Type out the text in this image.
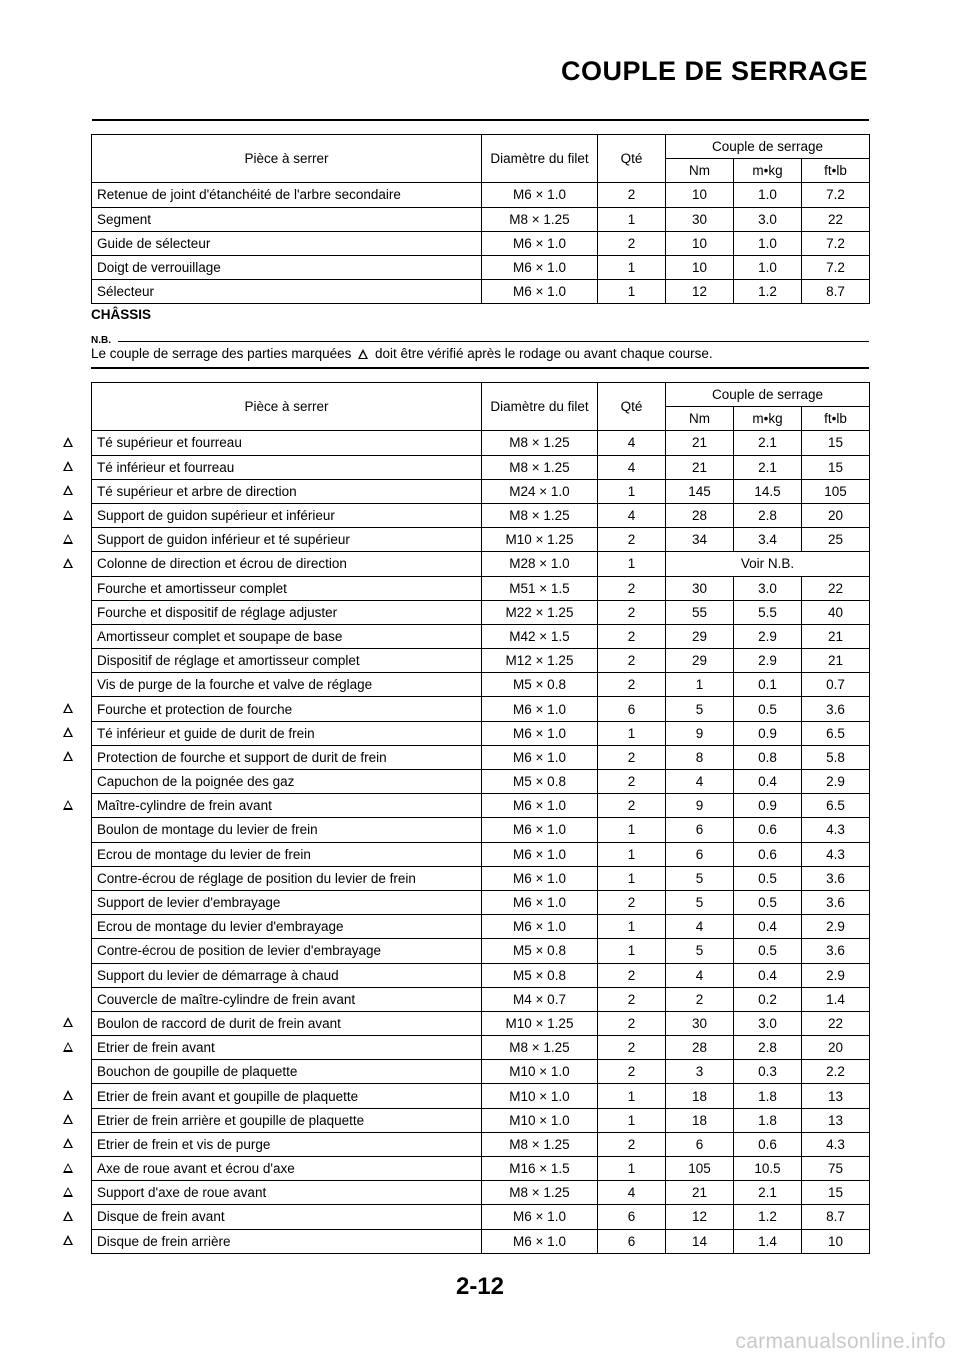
COUPLE DE SERRAGE
Pièce à serrer	Diamètre du filet	Qté	Couple de serrage		
			Nm	m•kg	ft•lb
Retenue de joint d'étanchéité de l'arbre secondaire	M6 × 1.0	2	10	1.0	7.2
Segment	M8 × 1.25	1	30	3.0	22
Guide de sélecteur	M6 × 1.0	2	10	1.0	7.2
Doigt de verrouillage	M6 × 1.0	1	10	1.0	7.2
Sélecteur	M6 × 1.0	1	12	1.2	8.7
CHÂSSIS
N.B.
Le couple de serrage des parties marquées doit être vérifié après le rodage ou avant chaque course.
Pièce à serrer	Diamètre du filet	Qté	Couple de serrage		
			Nm	m•kg	ft•lb
Té supérieur et fourreau	M8 × 1.25	4	21	2.1	15
Té inférieur et fourreau	M8 × 1.25	4	21	2.1	15
Té supérieur et arbre de direction	M24 × 1.0	1	145	14.5	105
Support de guidon supérieur et inférieur	M8 × 1.25	4	28	2.8	20
Support de guidon inférieur et té supérieur	M10 × 1.25	2	34	3.4	25
Colonne de direction et écrou de direction	M28 × 1.0	1	Voir N.B.		
Fourche et amortisseur complet	M51 × 1.5	2	30	3.0	22
Fourche et dispositif de réglage adjuster	M22 × 1.25	2	55	5.5	40
Amortisseur complet et soupape de base	M42 × 1.5	2	29	2.9	21
Dispositif de réglage et amortisseur complet	M12 × 1.25	2	29	2.9	21
Vis de purge de la fourche et valve de réglage	M5 × 0.8	2	1	0.1	0.7
Fourche et protection de fourche	M6 × 1.0	6	5	0.5	3.6
Té inférieur et guide de durit de frein	M6 × 1.0	1	9	0.9	6.5
Protection de fourche et support de durit de frein	M6 × 1.0	2	8	0.8	5.8
Capuchon de la poignée des gaz	M5 × 0.8	2	4	0.4	2.9
Maître-cylindre de frein avant	M6 × 1.0	2	9	0.9	6.5
Boulon de montage du levier de frein	M6 × 1.0	1	6	0.6	4.3
Ecrou de montage du levier de frein	M6 × 1.0	1	6	0.6	4.3
Contre-écrou de réglage de position du levier de frein	M6 × 1.0	1	5	0.5	3.6
Support de levier d'embrayage	M6 × 1.0	2	5	0.5	3.6
Ecrou de montage du levier d'embrayage	M6 × 1.0	1	4	0.4	2.9
Contre-écrou de position de levier d'embrayage	M5 × 0.8	1	5	0.5	3.6
Support du levier de démarrage à chaud	M5 × 0.8	2	4	0.4	2.9
Couvercle de maître-cylindre de frein avant	M4 × 0.7	2	2	0.2	1.4
Boulon de raccord de durit de frein avant	M10 × 1.25	2	30	3.0	22
Etrier de frein avant	M8 × 1.25	2	28	2.8	20
Bouchon de goupille de plaquette	M10 × 1.0	2	3	0.3	2.2
Etrier de frein avant et goupille de plaquette	M10 × 1.0	1	18	1.8	13
Etrier de frein arrière et goupille de plaquette	M10 × 1.0	1	18	1.8	13
Etrier de frein et vis de purge	M8 × 1.25	2	6	0.6	4.3
Axe de roue avant et écrou d'axe	M16 × 1.5	1	105	10.5	75
Support d'axe de roue avant	M8 × 1.25	4	21	2.1	15
Disque de frein avant	M6 × 1.0	6	12	1.2	8.7
Disque de frein arrière	M6 × 1.0	6	14	1.4	10
2-12
carmanualsonline.info
